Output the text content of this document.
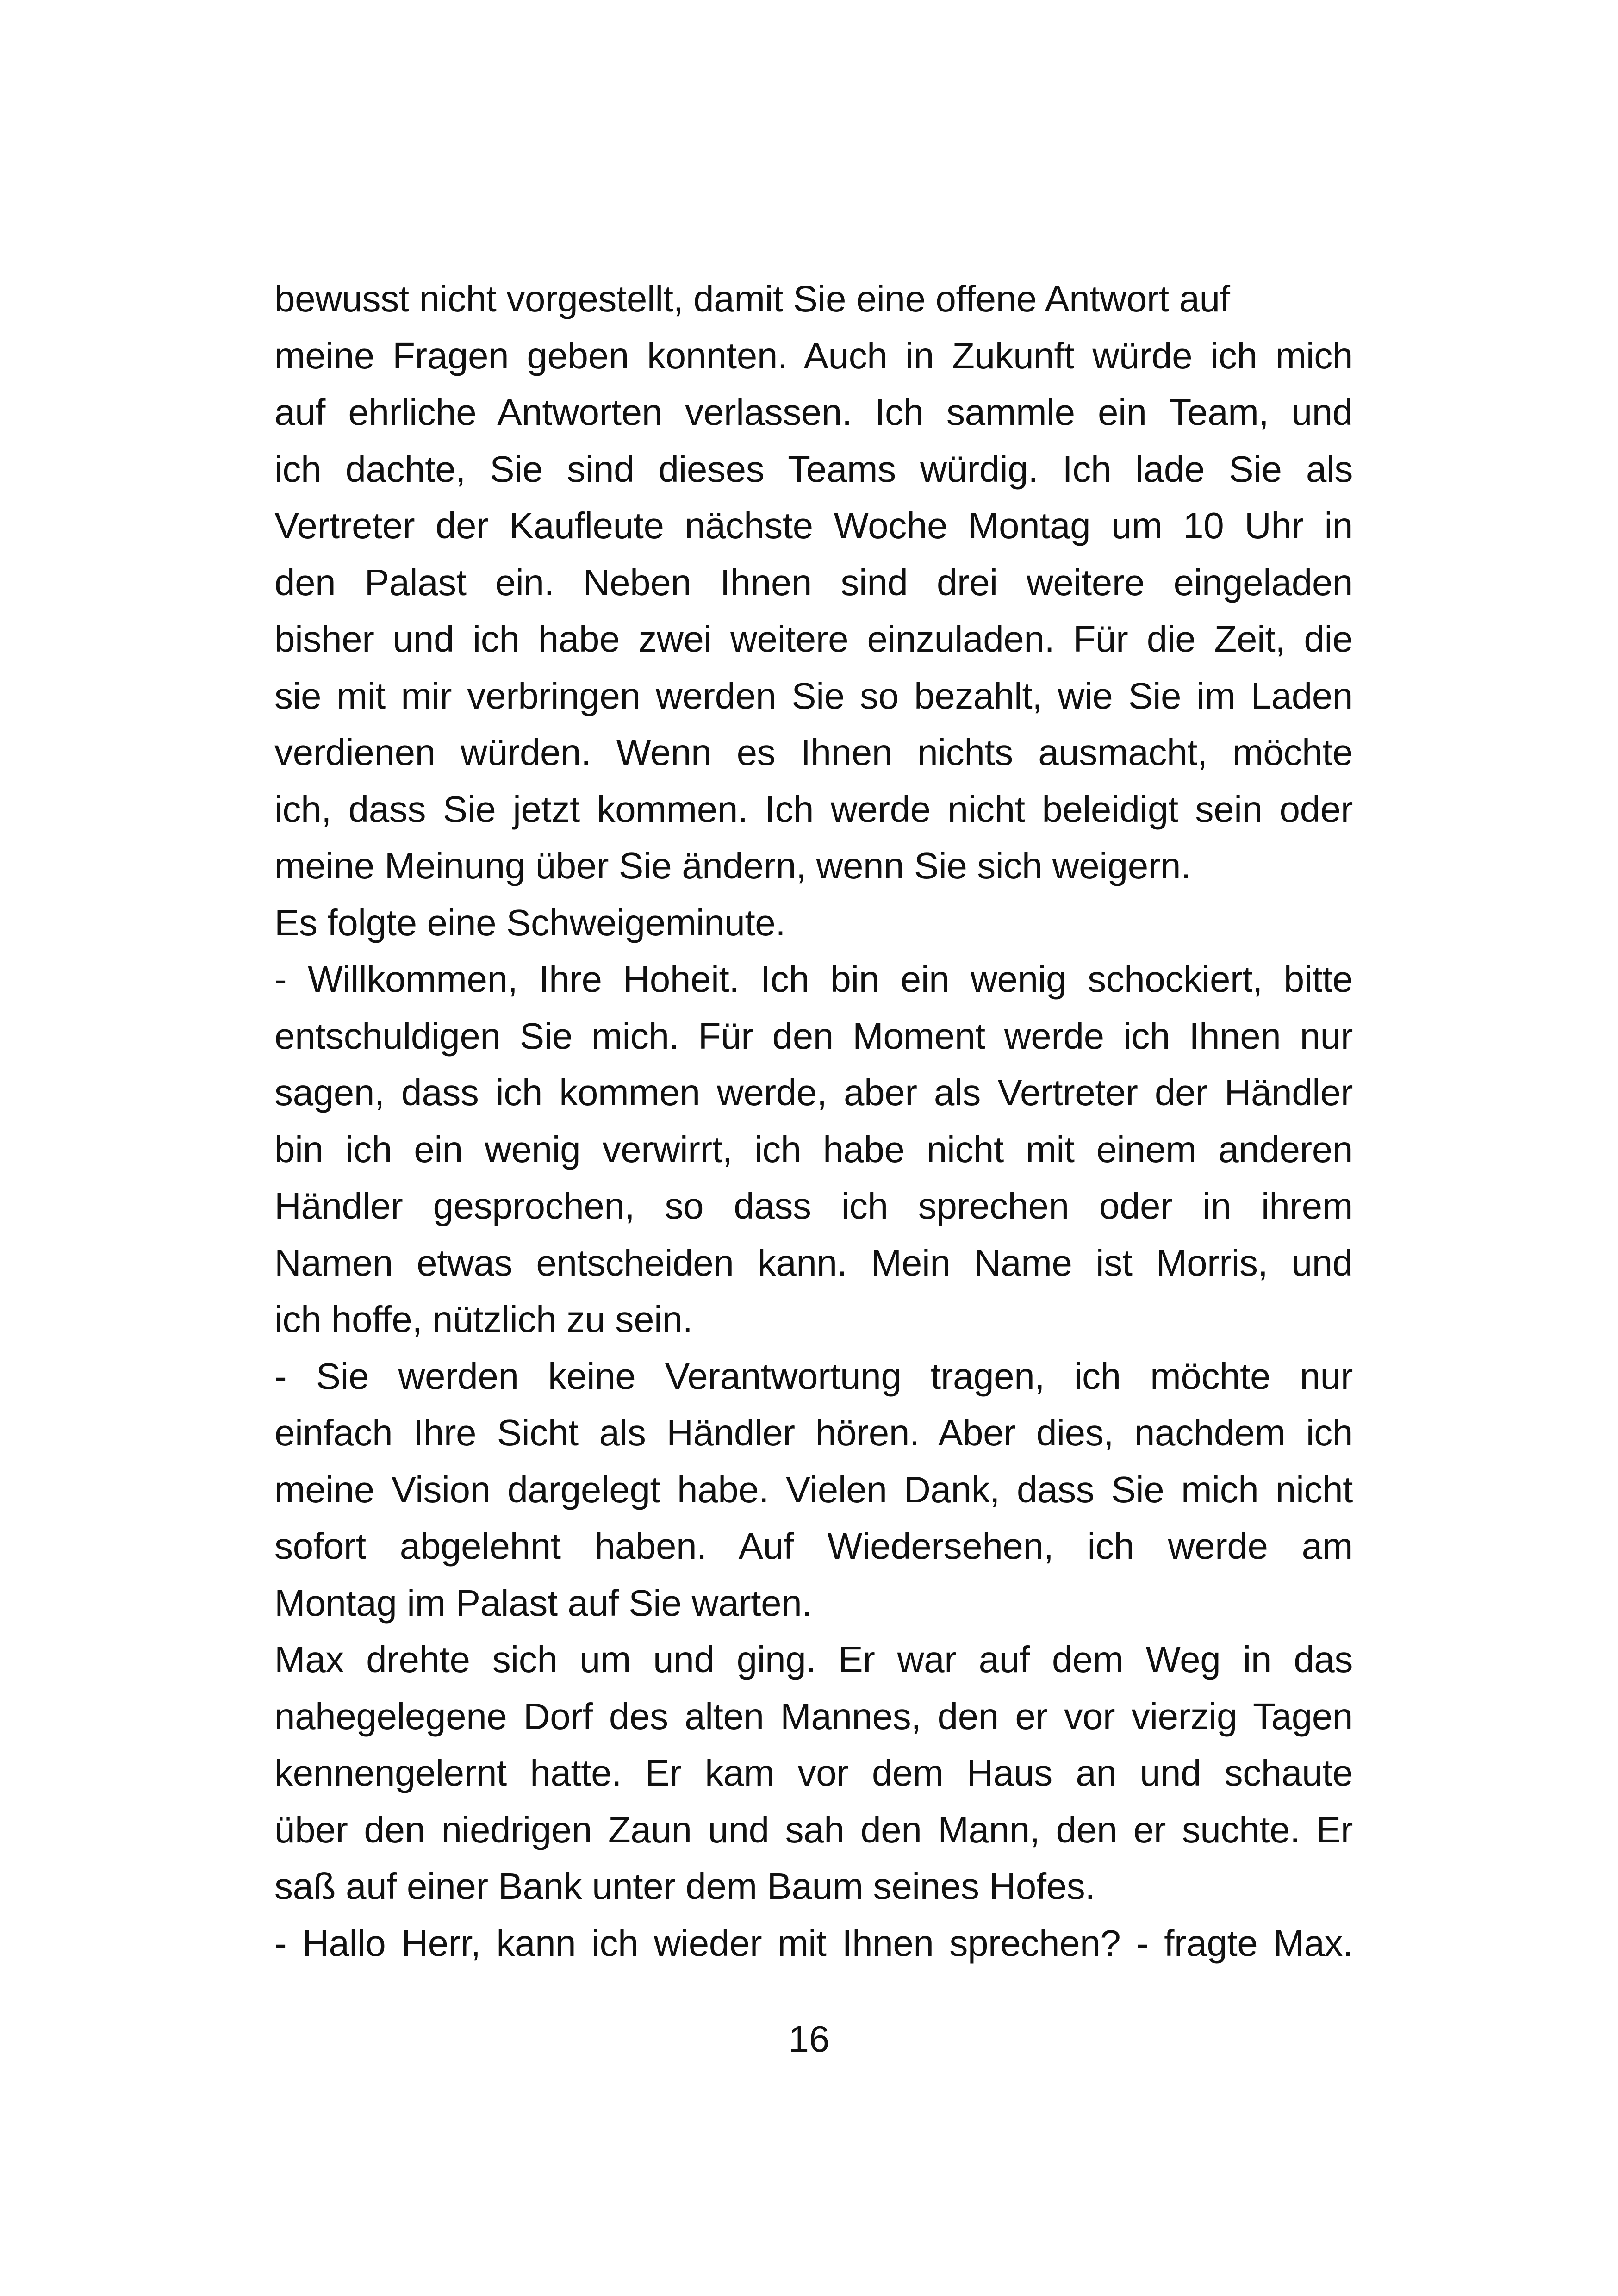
bewusst nicht vorgestellt, damit Sie eine offene Antwort auf
meine Fragen geben konnten. Auch in Zukunft würde ich mich
auf ehrliche Antworten verlassen. Ich sammle ein Team, und
ich dachte, Sie sind dieses Teams würdig. Ich lade Sie als
Vertreter der Kaufleute nächste Woche Montag um 10 Uhr in
den Palast ein. Neben Ihnen sind drei weitere eingeladen
bisher und ich habe zwei weitere einzuladen. Für die Zeit, die
sie mit mir verbringen werden Sie so bezahlt, wie Sie im Laden
verdienen würden. Wenn es Ihnen nichts ausmacht, möchte
ich, dass Sie jetzt kommen. Ich werde nicht beleidigt sein oder
meine Meinung über Sie ändern, wenn Sie sich weigern.
Es folgte eine Schweigeminute.
- Willkommen, Ihre Hoheit. Ich bin ein wenig schockiert, bitte
entschuldigen Sie mich. Für den Moment werde ich Ihnen nur
sagen, dass ich kommen werde, aber als Vertreter der Händler
bin ich ein wenig verwirrt, ich habe nicht mit einem anderen
Händler gesprochen, so dass ich sprechen oder in ihrem
Namen etwas entscheiden kann. Mein Name ist Morris, und
ich hoffe, nützlich zu sein.
- Sie werden keine Verantwortung tragen, ich möchte nur
einfach Ihre Sicht als Händler hören. Aber dies, nachdem ich
meine Vision dargelegt habe. Vielen Dank, dass Sie mich nicht
sofort abgelehnt haben. Auf Wiedersehen, ich werde am
Montag im Palast auf Sie warten.
Max drehte sich um und ging. Er war auf dem Weg in das
nahegelegene Dorf des alten Mannes, den er vor vierzig Tagen
kennengelernt hatte. Er kam vor dem Haus an und schaute
über den niedrigen Zaun und sah den Mann, den er suchte. Er
saß auf einer Bank unter dem Baum seines Hofes.
- Hallo Herr, kann ich wieder mit Ihnen sprechen? - fragte Max.
16
